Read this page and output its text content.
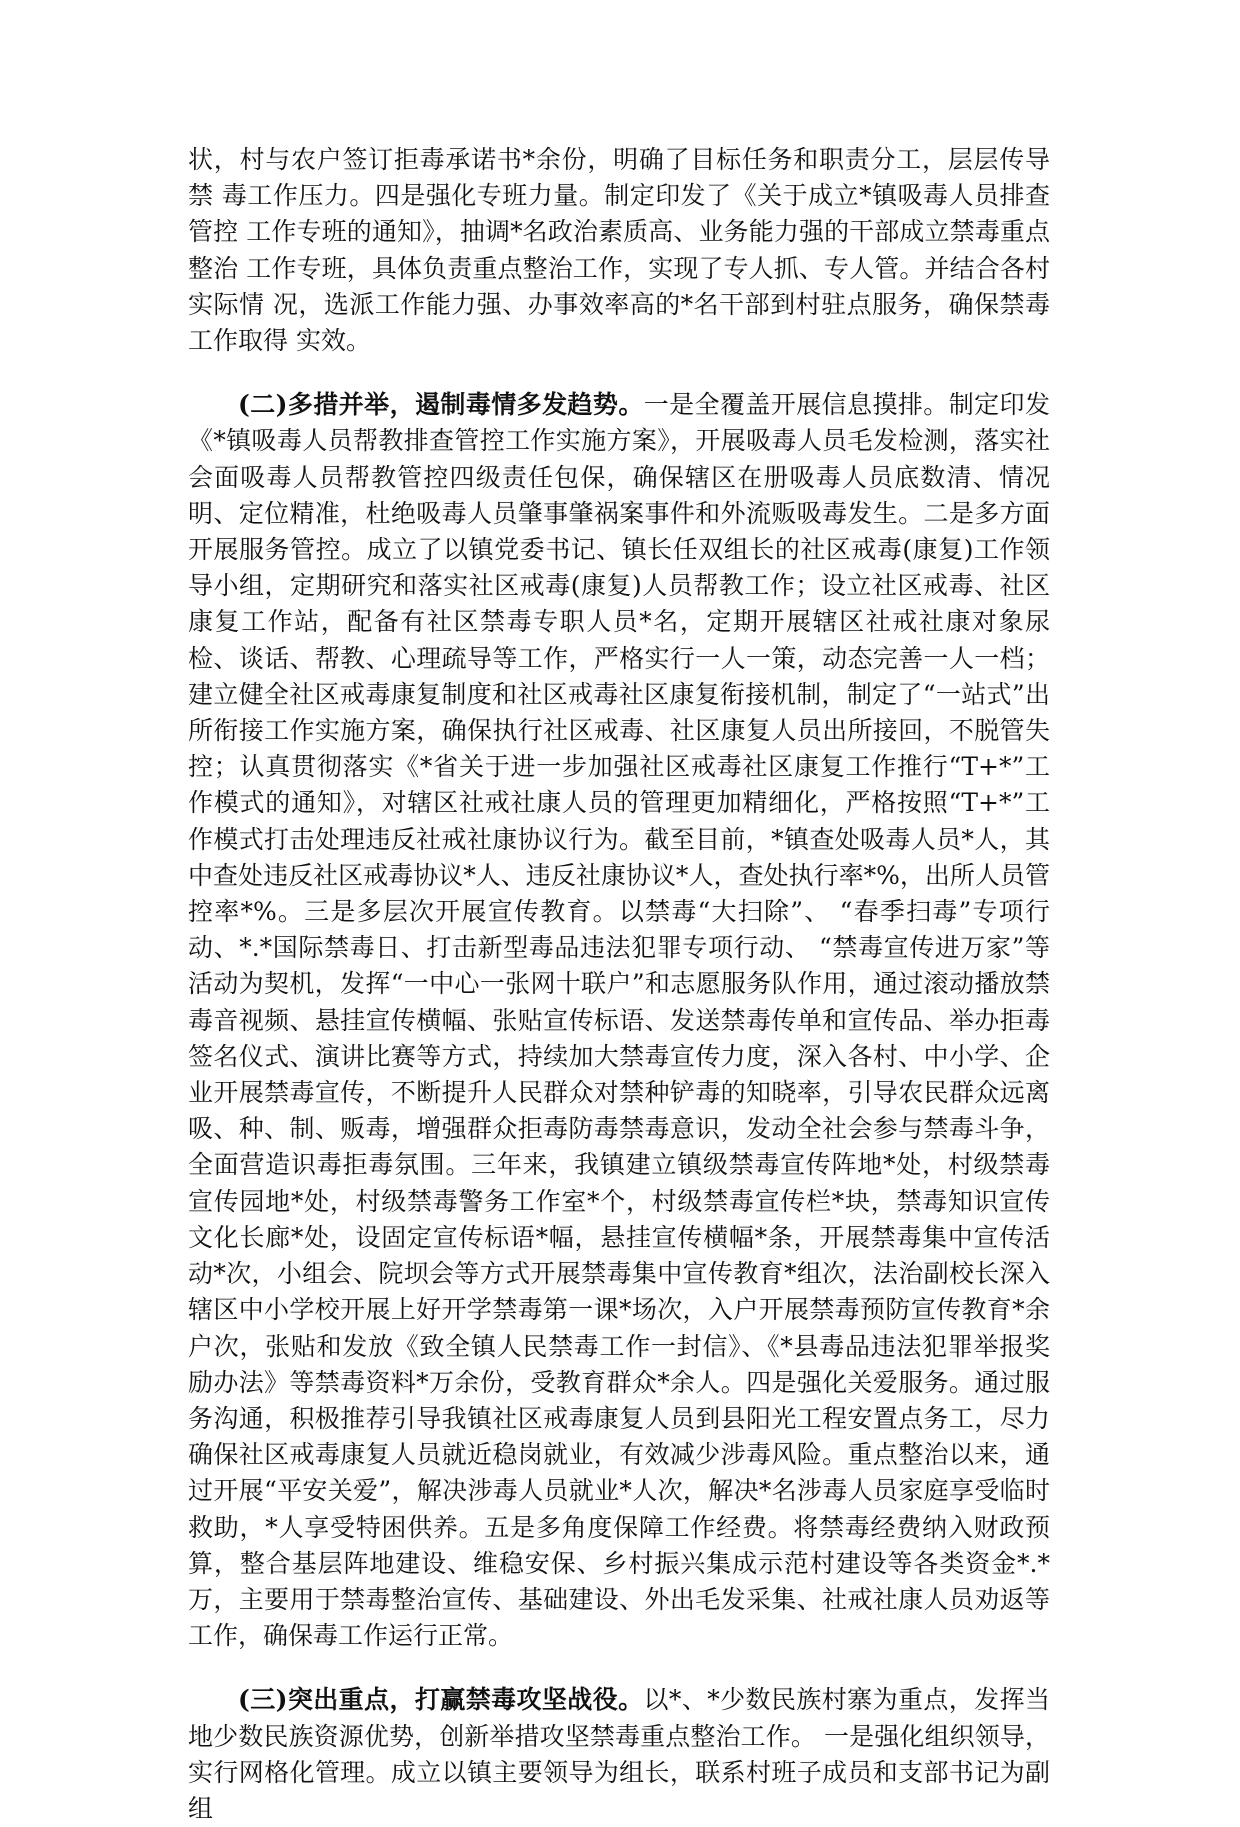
状，村与农户签订拒毒承诺书*余份，明确了目标任务和职责分工，层层传导禁 毒工作压力。四是强化专班力量。制定印发了《关于成立*镇吸毒人员排查管控 工作专班的通知》，抽调*名政治素质高、业务能力强的干部成立禁毒重点整治 工作专班，具体负责重点整治工作，实现了专人抓、专人管。并结合各村实际情 况，选派工作能力强、办事效率高的*名干部到村驻点服务，确保禁毒工作取得 实效。

(二)多措并举，遏制毒情多发趋势。一是全覆盖开展信息摸排。制定印发《*镇吸毒人员帮教排查管控工作实施方案》，开展吸毒人员毛发检测，落实社会面吸毒人员帮教管控四级责任包保，确保辖区在册吸毒人员底数清、情况明、定位精准，杜绝吸毒人员肇事肇祸案事件和外流贩吸毒发生。二是多方面开展服务管控。成立了以镇党委书记、镇长任双组长的社区戒毒(康复)工作领导小组，定期研究和落实社区戒毒(康复)人员帮教工作；设立社区戒毒、社区康复工作站，配备有社区禁毒专职人员*名，定期开展辖区社戒社康对象尿检、谈话、帮教、心理疏导等工作，严格实行一人一策，动态完善一人一档；建立健全社区戒毒康复制度和社区戒毒社区康复衔接机制，制定了“一站式”出所衔接工作实施方案，确保执行社区戒毒、社区康复人员出所接回，不脱管失控；认真贯彻落实《*省关于进一步加强社区戒毒社区康复工作推行“T+*”工作模式的通知》，对辖区社戒社康人员的管理更加精细化，严格按照“T+*”工作模式打击处理违反社戒社康协议行为。截至目前，*镇查处吸毒人员*人，其中查处违反社区戒毒协议*人、违反社康协议*人，查处执行率*%，出所人员管控率*%。三是多层次开展宣传教育。以禁毒“大扫除”、 “春季扫毒”专项行动、*.*国际禁毒日、打击新型毒品违法犯罪专项行动、 “禁毒宣传进万家”等活动为契机，发挥“一中心一张网十联户”和志愿服务队作用，通过滚动播放禁毒音视频、悬挂宣传横幅、张贴宣传标语、发送禁毒传单和宣传品、举办拒毒签名仪式、演讲比赛等方式，持续加大禁毒宣传力度，深入各村、中小学、企业开展禁毒宣传，不断提升人民群众对禁种铲毒的知晓率，引导农民群众远离吸、种、制、贩毒，增强群众拒毒防毒禁毒意识，发动全社会参与禁毒斗争，全面营造识毒拒毒氛围。三年来，我镇建立镇级禁毒宣传阵地*处，村级禁毒宣传园地*处，村级禁毒警务工作室*个，村级禁毒宣传栏*块，禁毒知识宣传文化长廊*处，设固定宣传标语*幅，悬挂宣传横幅*条，开展禁毒集中宣传活动*次，小组会、院坝会等方式开展禁毒集中宣传教育*组次，法治副校长深入辖区中小学校开展上好开学禁毒第一课*场次，入户开展禁毒预防宣传教育*余户次，张贴和发放《致全镇人民禁毒工作一封信》、《*县毒品违法犯罪举报奖励办法》等禁毒资料*万余份，受教育群众*余人。四是强化关爱服务。通过服务沟通，积极推荐引导我镇社区戒毒康复人员到县阳光工程安置点务工，尽力确保社区戒毒康复人员就近稳岗就业，有效减少涉毒风险。重点整治以来，通过开展“平安关爱”，解决涉毒人员就业*人次，解决*名涉毒人员家庭享受临时救助，*人享受特困供养。五是多角度保障工作经费。将禁毒经费纳入财政预算，整合基层阵地建设、维稳安保、乡村振兴集成示范村建设等各类资金*.*万，主要用于禁毒整治宣传、基础建设、外出毛发采集、社戒社康人员劝返等工作，确保毒工作运行正常。

(三)突出重点，打赢禁毒攻坚战役。以*、*少数民族村寨为重点，发挥当地少数民族资源优势，创新举措攻坚禁毒重点整治工作。 一是强化组织领导， 实行网格化管理。成立以镇主要领导为组长，联系村班子成员和支部书记为副组
